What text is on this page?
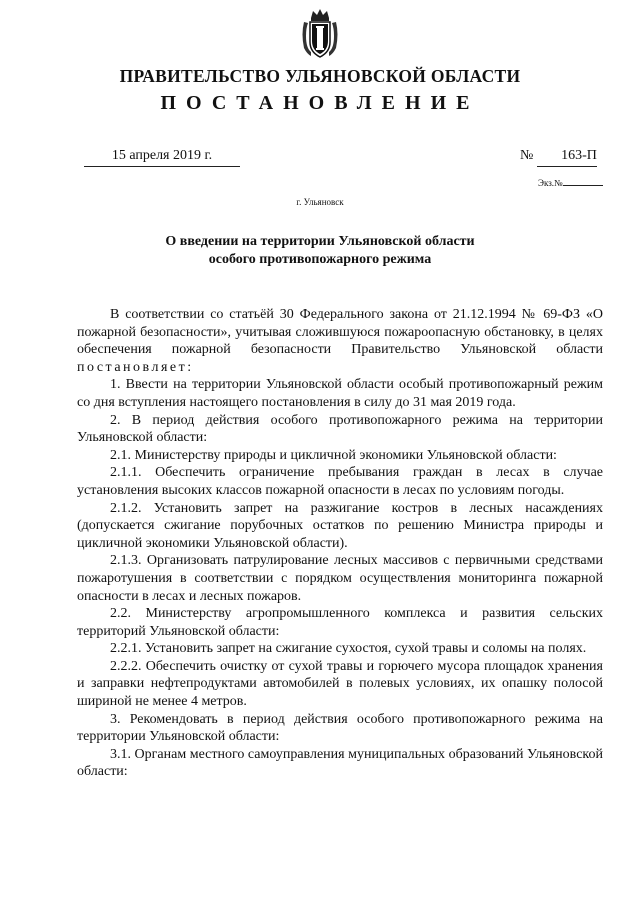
ПРАВИТЕЛЬСТВО УЛЬЯНОВСКОЙ ОБЛАСТИ
ПОСТАНОВЛЕНИЕ
15 апреля 2019 г.	№ 163-П
Экз.№
г. Ульяновск
О введении на территории Ульяновской области
особого противопожарного режима

В соответствии со статьёй 30 Федерального закона от 21.12.1994 № 69-ФЗ «О пожарной безопасности», учитывая сложившуюся пожароопасную обстановку, в целях обеспечения пожарной безопасности Правительство Ульяновской области постановляет:

1. Ввести на территории Ульяновской области особый противопожарный режим со дня вступления настоящего постановления в силу до 31 мая 2019 года.

2. В период действия особого противопожарного режима на территории Ульяновской области:

2.1. Министерству природы и цикличной экономики Ульяновской области:

2.1.1. Обеспечить ограничение пребывания граждан в лесах в случае установления высоких классов пожарной опасности в лесах по условиям погоды.

2.1.2. Установить запрет на разжигание костров в лесных насаждениях (допускается сжигание порубочных остатков по решению Министра природы и цикличной экономики Ульяновской области).

2.1.3. Организовать патрулирование лесных массивов с первичными средствами пожаротушения в соответствии с порядком осуществления мониторинга пожарной опасности в лесах и лесных пожаров.

2.2. Министерству агропромышленного комплекса и развития сельских территорий Ульяновской области:

2.2.1. Установить запрет на сжигание сухостоя, сухой травы и соломы на полях.

2.2.2. Обеспечить очистку от сухой травы и горючего мусора площадок хранения и заправки нефтепродуктами автомобилей в полевых условиях, их опашку полосой шириной не менее 4 метров.

3. Рекомендовать в период действия особого противопожарного режима на территории Ульяновской области:

3.1. Органам местного самоуправления муниципальных образований Ульяновской области:
